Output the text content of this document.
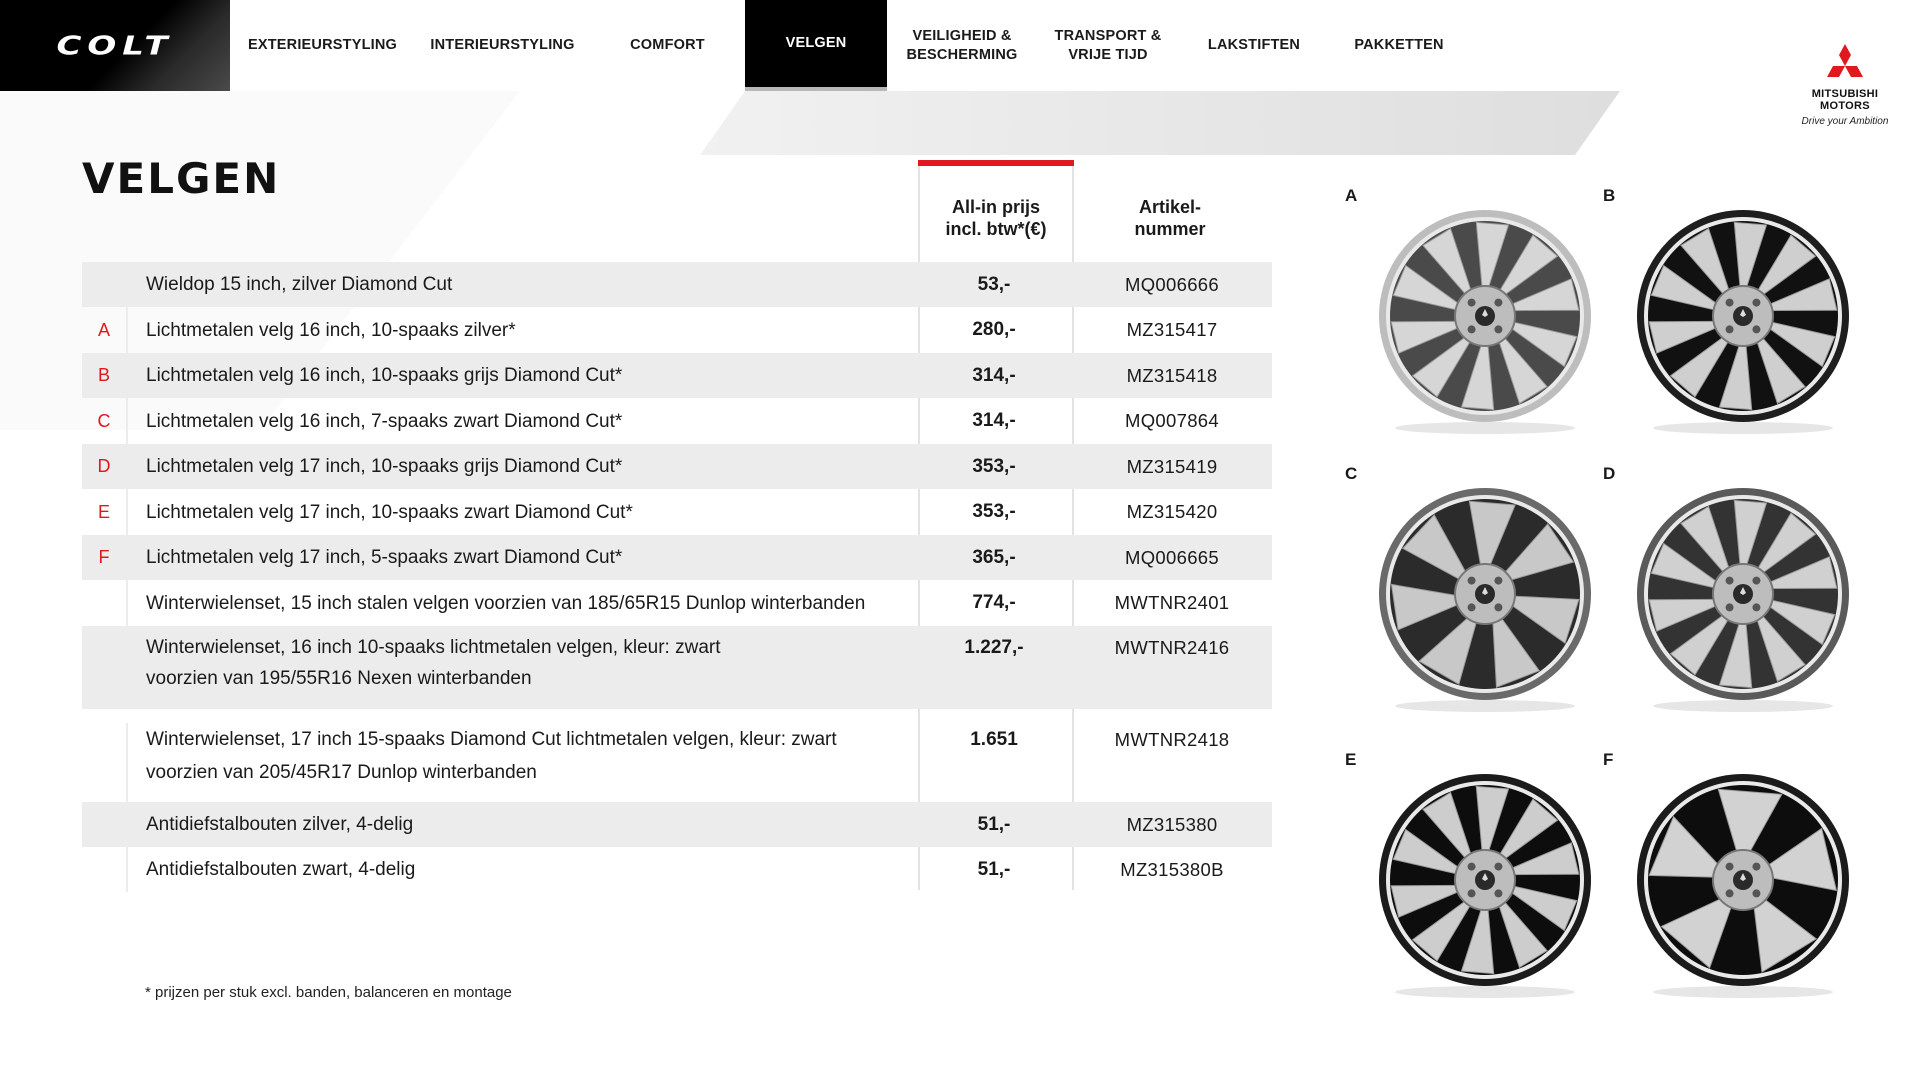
COLT	EXTERIEURSTYLING INTERIEURSTYLING	COMFORT	VELGEN	VEILIGHEID &
BESCHERMING
TRANSPORT &
VRIJE TIJD
LAKSTIFTEN	PAKKETTEN
MITSUBISHI
MOTORS
Drive your Ambition
VELGEN
All-in prijs
incl. btw*(€)
Artikel-
nummer
Wieldop 15 inch, zilver Diamond Cut	53,-	MQ006666
A	Lichtmetalen velg 16 inch, 10-spaaks zilver*	280,-	MZ315417
B	Lichtmetalen velg 16 inch, 10-spaaks grijs Diamond Cut*	314,-	MZ315418
C	Lichtmetalen velg 16 inch, 7-spaaks zwart Diamond Cut*	314,-	MQ007864
D	Lichtmetalen velg 17 inch, 10-spaaks grijs Diamond Cut*	353,-	MZ315419
E	Lichtmetalen velg 17 inch, 10-spaaks zwart Diamond Cut*	353,-	MZ315420
F	Lichtmetalen velg 17 inch, 5-spaaks zwart Diamond Cut*	365,-	MQ006665
Winterwielenset, 15 inch stalen velgen voorzien van 185/65R15 Dunlop winterbanden	774,-	MWTNR2401
Winterwielenset, 16 inch 10-spaaks lichtmetalen velgen, kleur: zwart
voorzien van 195/55R16 Nexen winterbanden
1.227,-	MWTNR2416
Winterwielenset, 17 inch 15-spaaks Diamond Cut lichtmetalen velgen, kleur: zwart
voorzien van 205/45R17 Dunlop winterbanden
1.651	MWTNR2418
Antidiefstalbouten zilver, 4-delig	51,-	MZ315380
Antidiefstalbouten zwart, 4-delig	51,-	MZ315380B
* prijzen per stuk excl. banden, balanceren en montage
A	B
C	D
E	F
